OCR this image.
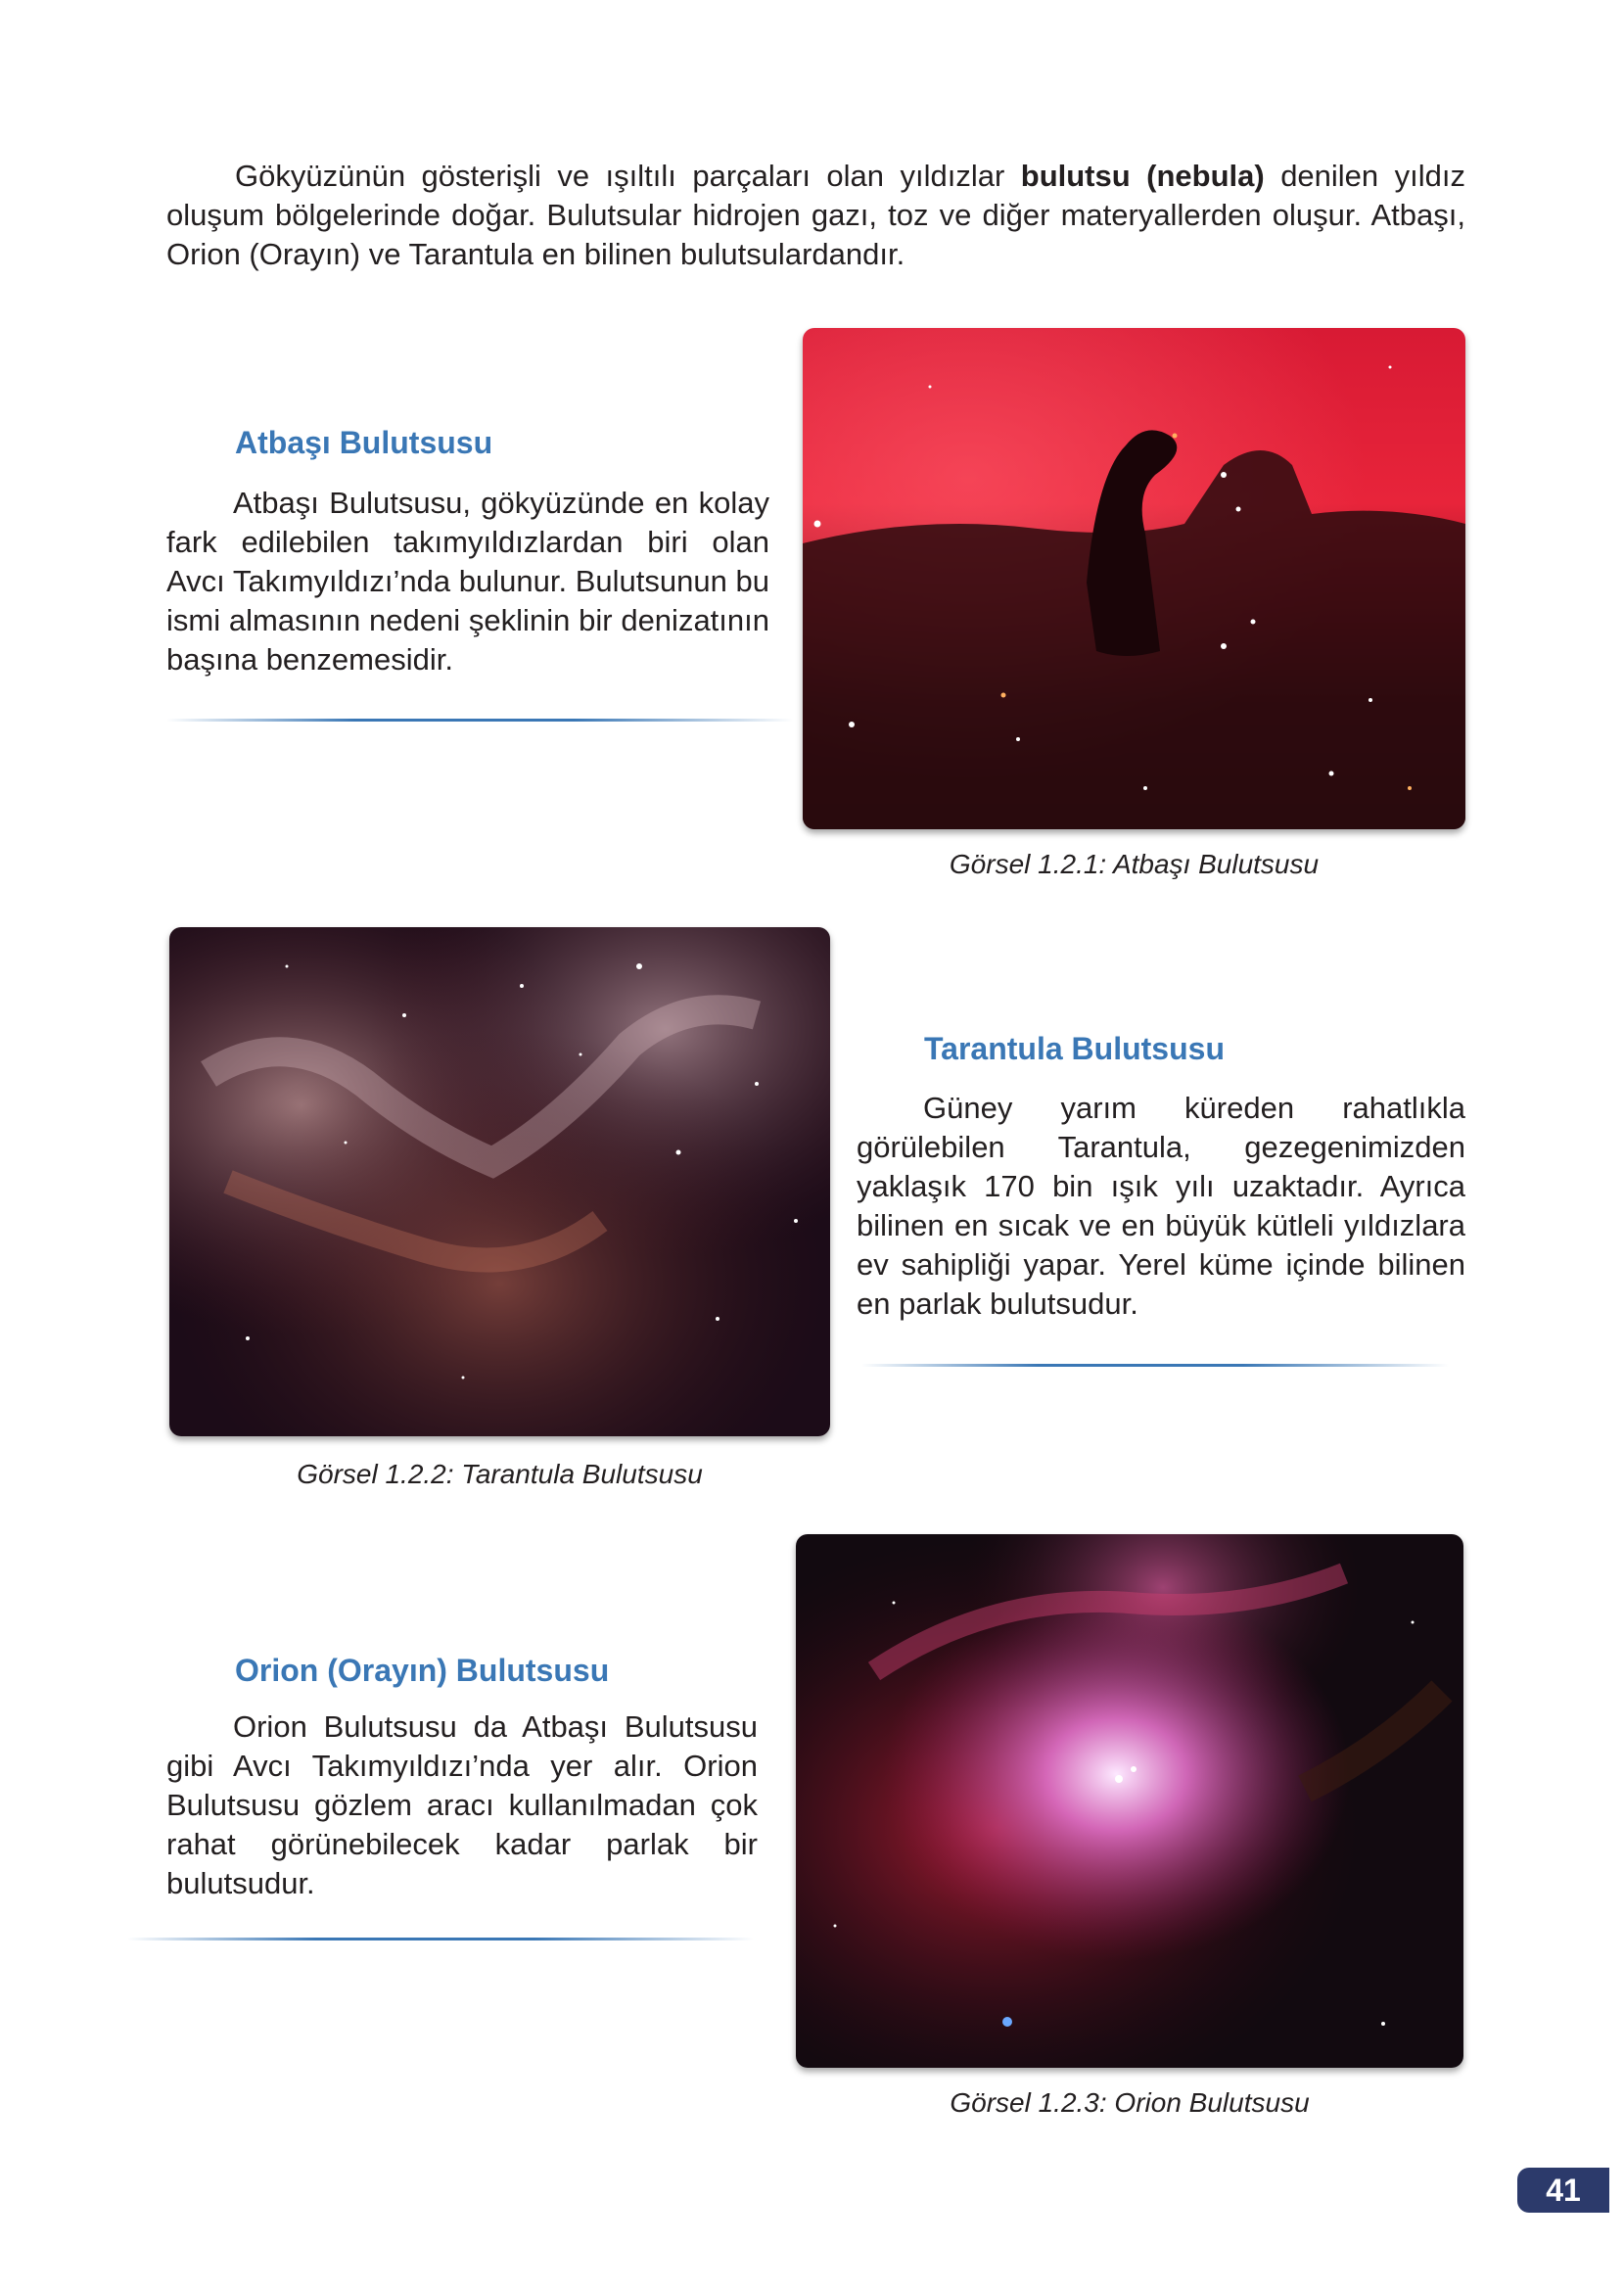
Gökyüzünün gösterişli ve ışıltılı parçaları olan yıldızlar bulutsu (nebula) denilen yıldız oluşum bölgelerinde doğar. Bulutsular hidrojen gazı, toz ve diğer materyallerden oluşur. Atbaşı, Orion (Orayın) ve Tarantula en bilinen bulutsulardandır.

Atbaşı Bulutsusu

Atbaşı Bulutsusu, gökyüzünde en kolay fark edilebilen takımyıldızlardan biri olan Avcı Takımyıldızı’nda bulunur. Bulutsunun bu ismi almasının nedeni şeklinin bir denizatının başına benzemesidir.

Görsel 1.2.1: Atbaşı Bulutsusu

Görsel 1.2.2: Tarantula Bulutsusu

Tarantula Bulutsusu

Güney yarım küreden rahatlıkla görülebilen Tarantula, gezegenimizden yaklaşık 170 bin ışık yılı uzaktadır. Ayrıca bilinen en sıcak ve en büyük kütleli yıldızlara ev sahipliği yapar. Yerel küme içinde bilinen en parlak bulutsudur.

Orion (Orayın) Bulutsusu

Orion Bulutsusu da Atbaşı Bulutsusu gibi Avcı Takımyıldızı’nda yer alır. Orion Bulutsusu gözlem aracı kullanılmadan çok rahat görünebilecek kadar parlak bir bulutsudur.

Görsel 1.2.3: Orion Bulutsusu

41
